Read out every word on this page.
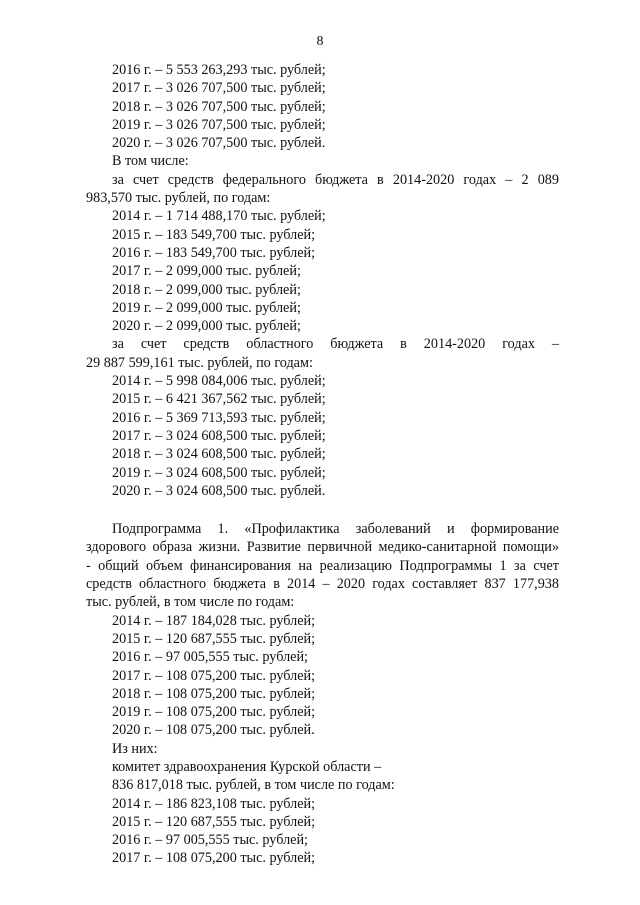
8
2016 г. – 5 553 263,293 тыс. рублей;
2017 г. – 3 026 707,500 тыс. рублей;
2018 г. – 3 026 707,500 тыс. рублей;
2019 г. – 3 026 707,500 тыс. рублей;
2020 г. – 3 026 707,500 тыс. рублей.
В том числе:
за счет средств федерального бюджета в 2014-2020 годах – 2 089
983,570 тыс. рублей, по годам:
2014 г. – 1 714 488,170 тыс. рублей;
2015 г. – 183 549,700 тыс. рублей;
2016 г. – 183 549,700 тыс. рублей;
2017 г. – 2 099,000 тыс. рублей;
2018 г. – 2 099,000 тыс. рублей;
2019 г. – 2 099,000 тыс. рублей;
2020 г. – 2 099,000 тыс. рублей;
за счет средств областного бюджета в 2014-2020 годах –
29 887 599,161 тыс. рублей, по годам:
2014 г. – 5 998 084,006 тыс. рублей;
2015 г. – 6 421 367,562 тыс. рублей;
2016 г. – 5 369 713,593 тыс. рублей;
2017 г. – 3 024 608,500 тыс. рублей;
2018 г. – 3 024 608,500 тыс. рублей;
2019 г. – 3 024 608,500 тыс. рублей;
2020 г. – 3 024 608,500 тыс. рублей.
Подпрограмма 1. «Профилактика заболеваний и формирование
здорового образа жизни. Развитие первичной медико-санитарной помощи»
- общий объем финансирования на реализацию Подпрограммы 1 за счет
средств областного бюджета в 2014 – 2020 годах составляет 837 177,938
тыс. рублей, в том числе по годам:
2014 г. – 187 184,028 тыс. рублей;
2015 г. – 120 687,555 тыс. рублей;
2016 г. – 97 005,555 тыс. рублей;
2017 г. – 108 075,200 тыс. рублей;
2018 г. – 108 075,200 тыс. рублей;
2019 г. – 108 075,200 тыс. рублей;
2020 г. – 108 075,200 тыс. рублей.
Из них:
комитет здравоохранения Курской области –
836 817,018 тыс. рублей, в том числе по годам:
2014 г. – 186 823,108 тыс. рублей;
2015 г. – 120 687,555 тыс. рублей;
2016 г. – 97 005,555 тыс. рублей;
2017 г. – 108 075,200 тыс. рублей;
